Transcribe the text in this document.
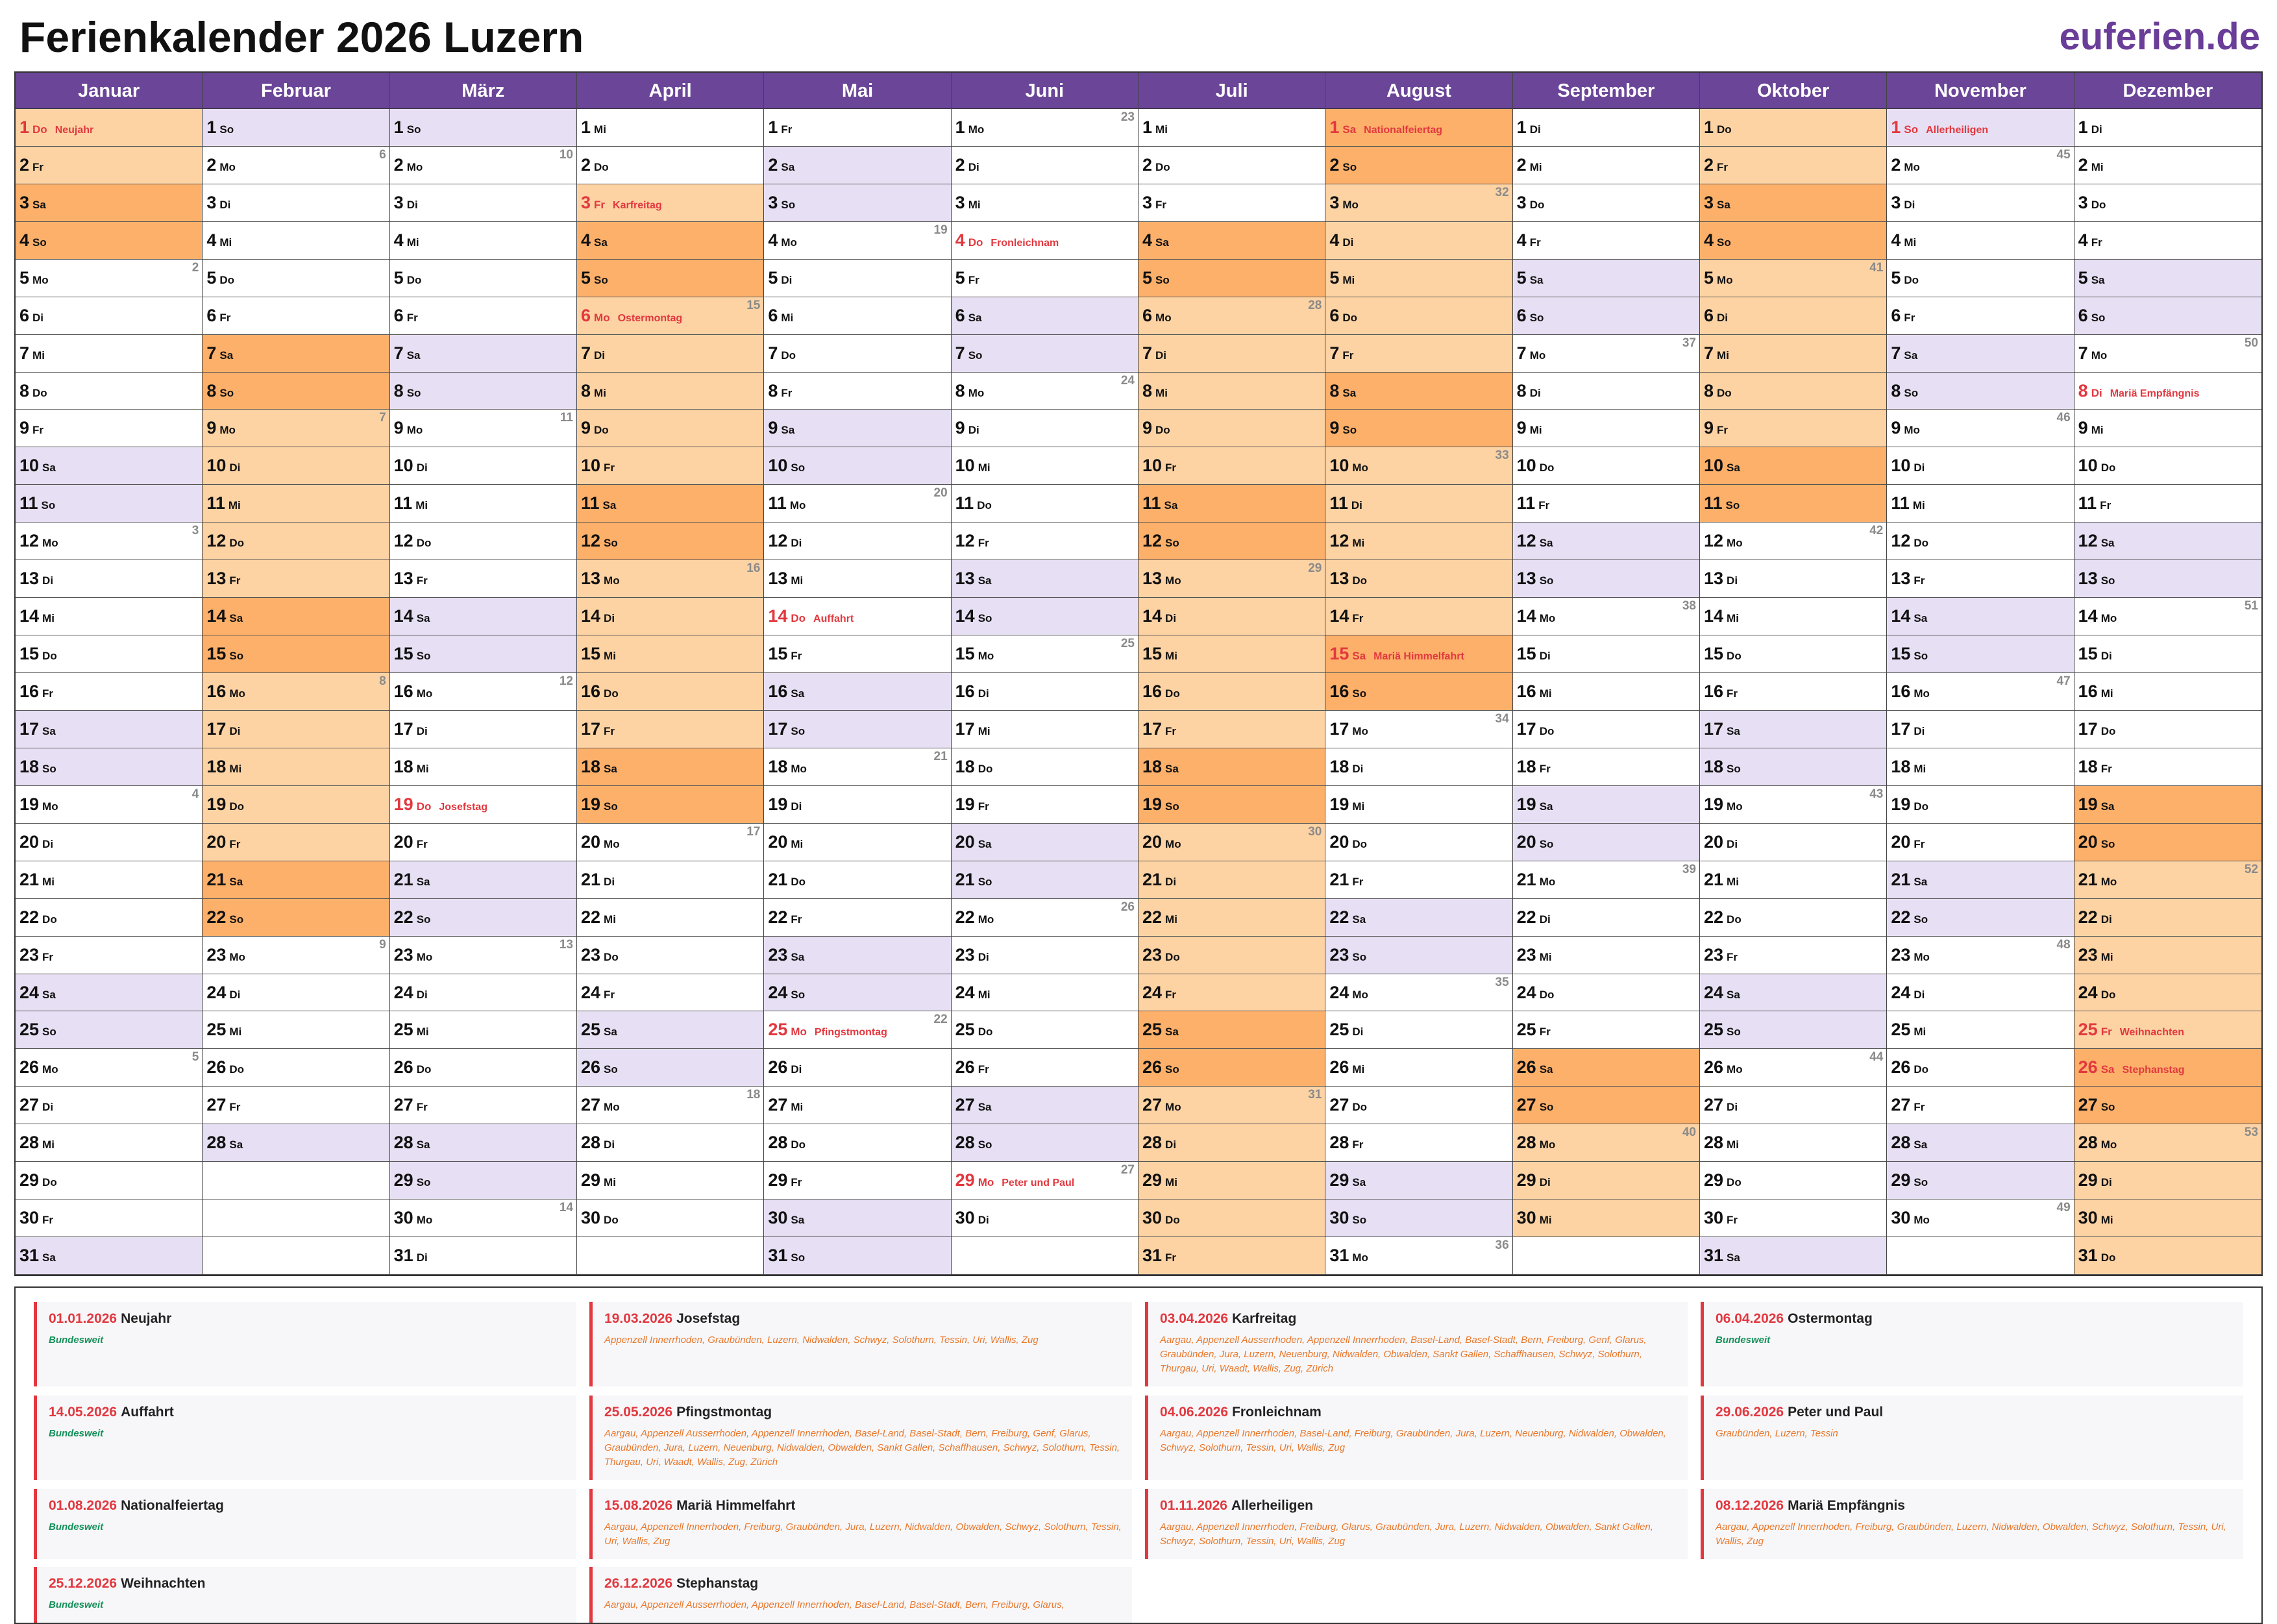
Ferienkalender 2026 Luzern	euferien.de
Januar
1 Do Neujahr
2 Fr
3 Sa
4 So
5 Mo
2
6 Di
7 Mi
8 Do
9 Fr
10 Sa
11 So
12 Mo
3
13 Di
14 Mi
15 Do
16 Fr
17 Sa
18 So
19 Mo
4
20 Di
21 Mi
22 Do
23 Fr
24 Sa
25 So
26 Mo
5
27 Di
28 Mi
29 Do
30 Fr
31 Sa
Februar
1 So
2 Mo
6
3 Di
4 Mi
5 Do
6 Fr
7 Sa
8 So
9 Mo
7
10 Di
11 Mi
12 Do
13 Fr
14 Sa
15 So
16 Mo
8
17 Di
18 Mi
19 Do
20 Fr
21 Sa
22 So
23 Mo
9
24 Di
25 Mi
26 Do
27 Fr
28 Sa
März
1 So
2 Mo
10
3 Di
4 Mi
5 Do
6 Fr
7 Sa
8 So
9 Mo
11
10 Di
11 Mi
12 Do
13 Fr
14 Sa
15 So
16 Mo
12
17 Di
18 Mi
19 Do Josefstag
20 Fr
21 Sa
22 So
23 Mo
13
24 Di
25 Mi
26 Do
27 Fr
28 Sa
29 So
30 Mo
14
31 Di
April
1 Mi
2 Do
3 Fr Karfreitag
4 Sa
5 So
6 Mo Ostermontag
15
7 Di
8 Mi
9 Do
10 Fr
11 Sa
12 So
13 Mo
16
14 Di
15 Mi
16 Do
17 Fr
18 Sa
19 So
20 Mo
17
21 Di
22 Mi
23 Do
24 Fr
25 Sa
26 So
27 Mo
18
28 Di
29 Mi
30 Do
Mai
1 Fr
2 Sa
3 So
4 Mo
19
5 Di
6 Mi
7 Do
8 Fr
9 Sa
10 So
11 Mo
20
12 Di
13 Mi
14 Do Auffahrt
15 Fr
16 Sa
17 So
18 Mo
21
19 Di
20 Mi
21 Do
22 Fr
23 Sa
24 So
25 Mo Pfingstmontag
22
26 Di
27 Mi
28 Do
29 Fr
30 Sa
31 So
Juni
1 Mo
23
2 Di
3 Mi
4 Do Fronleichnam
5 Fr
6 Sa
7 So
8 Mo
24
9 Di
10 Mi
11 Do
12 Fr
13 Sa
14 So
15 Mo
25
16 Di
17 Mi
18 Do
19 Fr
20 Sa
21 So
22 Mo
26
23 Di
24 Mi
25 Do
26 Fr
27 Sa
28 So
29 Mo Peter und Paul
27
30 Di
Juli
1 Mi
2 Do
3 Fr
4 Sa
5 So
6 Mo
28
7 Di
8 Mi
9 Do
10 Fr
11 Sa
12 So
13 Mo
29
14 Di
15 Mi
16 Do
17 Fr
18 Sa
19 So
20 Mo
30
21 Di
22 Mi
23 Do
24 Fr
25 Sa
26 So
27 Mo
31
28 Di
29 Mi
30 Do
31 Fr
August
1 Sa Nationalfeiertag
2 So
3 Mo
32
4 Di
5 Mi
6 Do
7 Fr
8 Sa
9 So
10 Mo
33
11 Di
12 Mi
13 Do
14 Fr
15 Sa Mariä Himmelfahrt
16 So
17 Mo
34
18 Di
19 Mi
20 Do
21 Fr
22 Sa
23 So
24 Mo
35
25 Di
26 Mi
27 Do
28 Fr
29 Sa
30 So
31 Mo
36
September
1 Di
2 Mi
3 Do
4 Fr
5 Sa
6 So
7 Mo
37
8 Di
9 Mi
10 Do
11 Fr
12 Sa
13 So
14 Mo
38
15 Di
16 Mi
17 Do
18 Fr
19 Sa
20 So
21 Mo
39
22 Di
23 Mi
24 Do
25 Fr
26 Sa
27 So
28 Mo
40
29 Di
30 Mi
Oktober
1 Do
2 Fr
3 Sa
4 So
5 Mo
41
6 Di
7 Mi
8 Do
9 Fr
10 Sa
11 So
12 Mo
42
13 Di
14 Mi
15 Do
16 Fr
17 Sa
18 So
19 Mo
43
20 Di
21 Mi
22 Do
23 Fr
24 Sa
25 So
26 Mo
44
27 Di
28 Mi
29 Do
30 Fr
31 Sa
November
1 So Allerheiligen
2 Mo
45
3 Di
4 Mi
5 Do
6 Fr
7 Sa
8 So
9 Mo
46
10 Di
11 Mi
12 Do
13 Fr
14 Sa
15 So
16 Mo
47
17 Di
18 Mi
19 Do
20 Fr
21 Sa
22 So
23 Mo
48
24 Di
25 Mi
26 Do
27 Fr
28 Sa
29 So
30 Mo
49
Dezember
1 Di
2 Mi
3 Do
4 Fr
5 Sa
6 So
7 Mo
50
8 Di Mariä Empfängnis
9 Mi
10 Do
11 Fr
12 Sa
13 So
14 Mo
51
15 Di
16 Mi
17 Do
18 Fr
19 Sa
20 So
21 Mo
52
22 Di
23 Mi
24 Do
25 Fr Weihnachten
26 Sa Stephanstag
27 So
28 Mo
53
29 Di
30 Mi
31 Do
01.01.2026 Neujahr
Bundesweit
19.03.2026 Josefstag
Appenzell Innerrhoden, Graubünden, Luzern, Nidwalden, Schwyz, Solothurn, Tessin, Uri, Wallis, Zug
03.04.2026 Karfreitag
Aargau, Appenzell Ausserrhoden, Appenzell Innerrhoden, Basel-Land, Basel-Stadt, Bern, Freiburg, Genf, Glarus, Graubünden, Jura, Luzern, Neuenburg, Nidwalden, Obwalden, Sankt Gallen, Schaffhausen, Schwyz, Solothurn, Thurgau, Uri, Waadt, Wallis, Zug, Zürich
06.04.2026 Ostermontag
Bundesweit
14.05.2026 Auffahrt
Bundesweit
25.05.2026 Pfingstmontag
Aargau, Appenzell Ausserrhoden, Appenzell Innerrhoden, Basel-Land, Basel-Stadt, Bern, Freiburg, Genf, Glarus, Graubünden, Jura, Luzern, Neuenburg, Nidwalden, Obwalden, Sankt Gallen, Schaffhausen, Schwyz, Solothurn, Tessin, Thurgau, Uri, Waadt, Wallis, Zug, Zürich
04.06.2026 Fronleichnam
Aargau, Appenzell Innerrhoden, Basel-Land, Freiburg, Graubünden, Jura, Luzern, Neuenburg, Nidwalden, Obwalden, Schwyz, Solothurn, Tessin, Uri, Wallis, Zug
29.06.2026 Peter und Paul
Graubünden, Luzern, Tessin
01.08.2026 Nationalfeiertag
Bundesweit
15.08.2026 Mariä Himmelfahrt
Aargau, Appenzell Innerrhoden, Freiburg, Graubünden, Jura, Luzern, Nidwalden, Obwalden, Schwyz, Solothurn, Tessin, Uri, Wallis, Zug
01.11.2026 Allerheiligen
Aargau, Appenzell Innerrhoden, Freiburg, Glarus, Graubünden, Jura, Luzern, Nidwalden, Obwalden, Sankt Gallen, Schwyz, Solothurn, Tessin, Uri, Wallis, Zug
08.12.2026 Mariä Empfängnis
Aargau, Appenzell Innerrhoden, Freiburg, Graubünden, Luzern, Nidwalden, Obwalden, Schwyz, Solothurn, Tessin, Uri, Wallis, Zug
25.12.2026 Weihnachten
Bundesweit
26.12.2026 Stephanstag
Aargau, Appenzell Ausserrhoden, Appenzell Innerrhoden, Basel-Land, Basel-Stadt, Bern, Freiburg, Glarus,
